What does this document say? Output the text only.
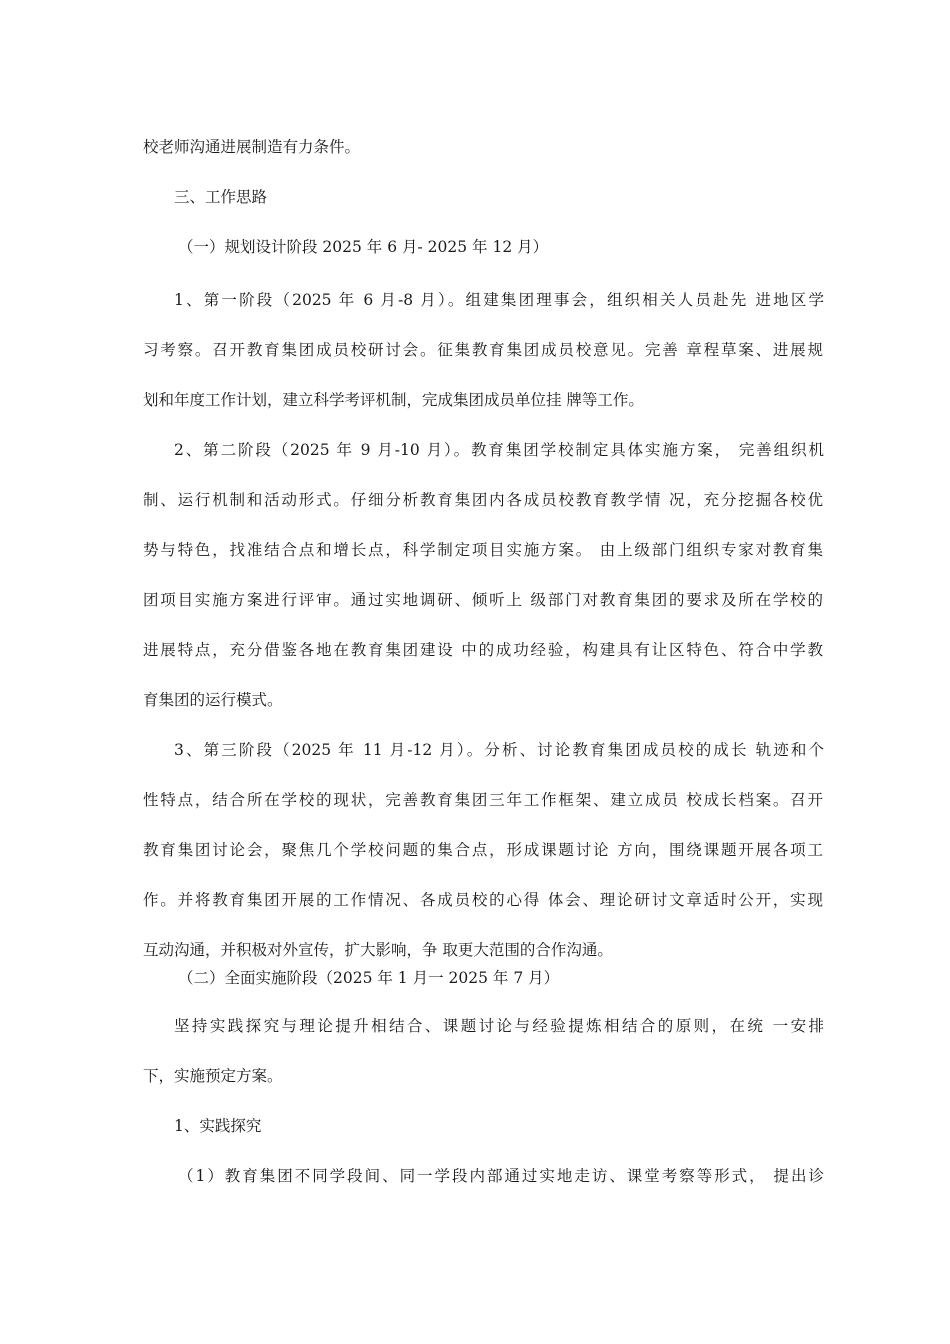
校老师沟通进展制造有力条件。
三、工作思路
（一）规划设计阶段 2025 年 6 月- 2025 年 12 月）
1、第一阶段（2025 年 6 月-8 月）。组建集团理事会，组织相关人员赴先 进地区学
习考察。召开教育集团成员校研讨会。征集教育集团成员校意见。完善 章程草案、进展规
划和年度工作计划，建立科学考评机制，完成集团成员单位挂 牌等工作。
2、第二阶段（2025 年 9 月-10 月）。教育集团学校制定具体实施方案， 完善组织机
制、运行机制和活动形式。仔细分析教育集团内各成员校教育教学情 况，充分挖掘各校优
势与特色，找准结合点和增长点，科学制定项目实施方案。 由上级部门组织专家对教育集
团项目实施方案进行评审。通过实地调研、倾听上 级部门对教育集团的要求及所在学校的
进展特点，充分借鉴各地在教育集团建设 中的成功经验，构建具有让区特色、符合中学教
育集团的运行模式。
3、第三阶段（2025 年 11 月-12 月）。分析、讨论教育集团成员校的成长 轨迹和个
性特点，结合所在学校的现状，完善教育集团三年工作框架、建立成员 校成长档案。召开
教育集团讨论会，聚焦几个学校问题的集合点，形成课题讨论 方向，围绕课题开展各项工
作。并将教育集团开展的工作情况、各成员校的心得 体会、理论研讨文章适时公开，实现
互动沟通，并积极对外宣传，扩大影响，争 取更大范围的合作沟通。
（二）全面实施阶段（2025 年 1 月一 2025 年 7 月）
坚持实践探究与理论提升相结合、课题讨论与经验提炼相结合的原则，在统 一安排
下，实施预定方案。
1、实践探究
（1）教育集团不同学段间、同一学段内部通过实地走访、课堂考察等形式， 提出诊
